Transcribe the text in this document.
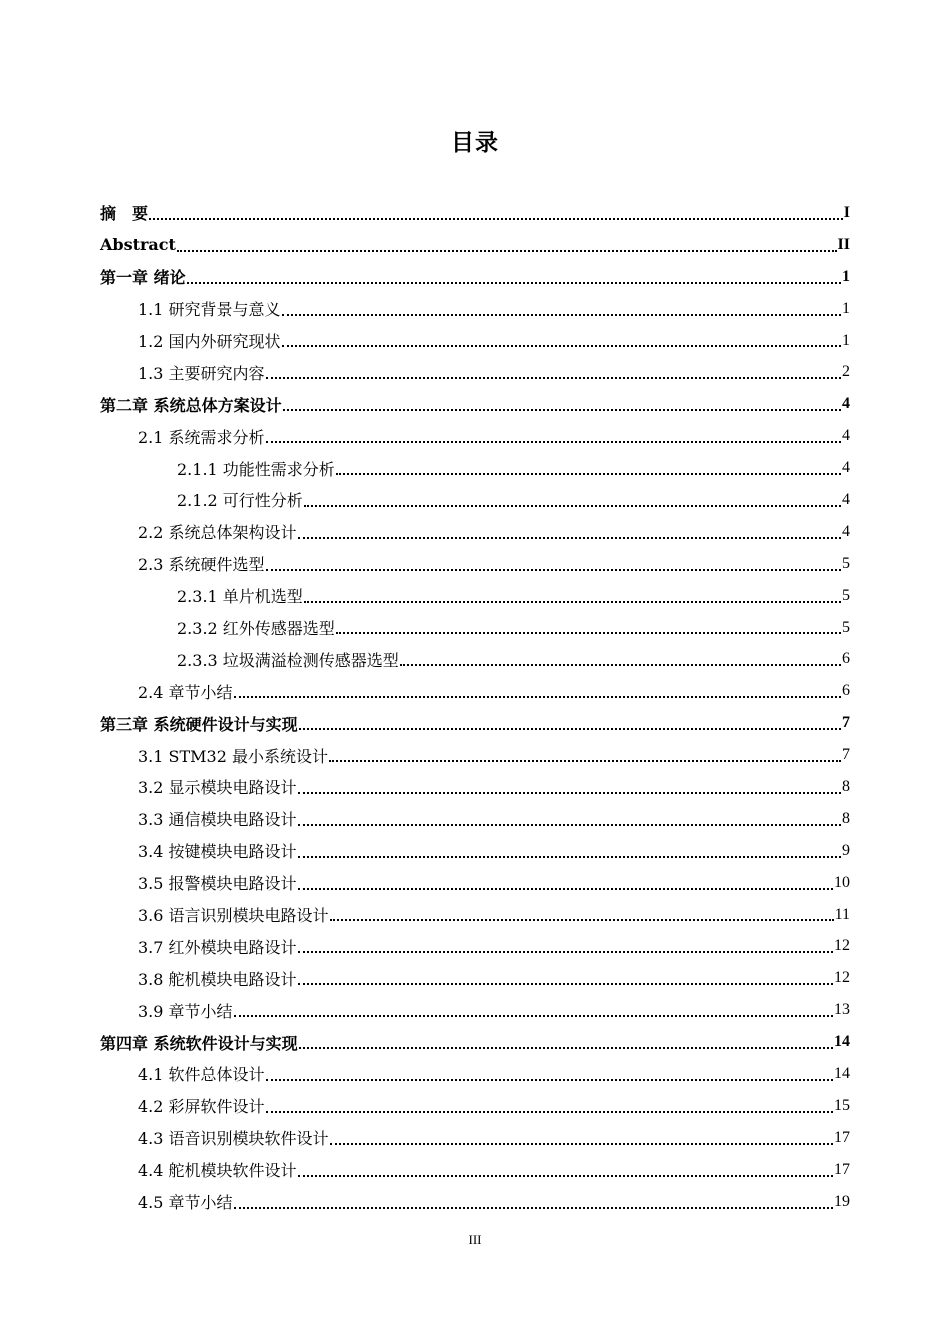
目录
摘　要	I
Abstract	II
第一章 绪论	1
1.1 研究背景与意义	1
1.2 国内外研究现状	1
1.3 主要研究内容	2
第二章 系统总体方案设计	4
2.1 系统需求分析	4
2.1.1 功能性需求分析	4
2.1.2 可行性分析	4
2.2 系统总体架构设计	4
2.3 系统硬件选型	5
2.3.1 单片机选型	5
2.3.2 红外传感器选型	5
2.3.3 垃圾满溢检测传感器选型	6
2.4 章节小结	6
第三章 系统硬件设计与实现	7
3.1 STM32 最小系统设计	7
3.2 显示模块电路设计	8
3.3 通信模块电路设计	8
3.4 按键模块电路设计	9
3.5 报警模块电路设计	10
3.6 语言识别模块电路设计	11
3.7 红外模块电路设计	12
3.8 舵机模块电路设计	12
3.9 章节小结	13
第四章 系统软件设计与实现	14
4.1 软件总体设计	14
4.2 彩屏软件设计	15
4.3 语音识别模块软件设计	17
4.4 舵机模块软件设计	17
4.5 章节小结	19
III
